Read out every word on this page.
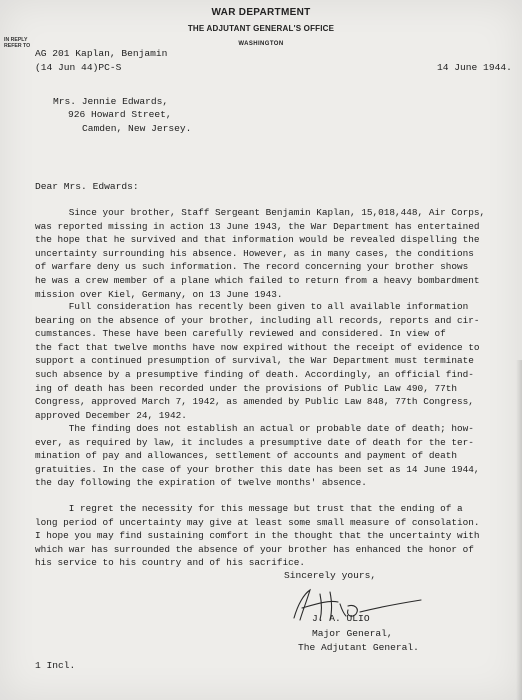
WAR DEPARTMENT
THE ADJUTANT GENERAL'S OFFICE
WASHINGTON
IN REPLY
REFER TO
AG 201 Kaplan, Benjamin
(14 Jun 44)PC-S	14 June 1944.
Mrs. Jennie Edwards,
926 Howard Street,
Camden, New Jersey.
Dear Mrs. Edwards:
Since your brother, Staff Sergeant Benjamin Kaplan, 15,018,448, Air Corps,
was reported missing in action 13 June 1943, the War Department has entertained
the hope that he survived and that information would be revealed dispelling the
uncertainty surrounding his absence. However, as in many cases, the conditions
of warfare deny us such information. The record concerning your brother shows
he was a crew member of a plane which failed to return from a heavy bombardment
mission over Kiel, Germany, on 13 June 1943.
Full consideration has recently been given to all available information
bearing on the absence of your brother, including all records, reports and cir-
cumstances. These have been carefully reviewed and considered. In view of
the fact that twelve months have now expired without the receipt of evidence to
support a continued presumption of survival, the War Department must terminate
such absence by a presumptive finding of death. Accordingly, an official find-
ing of death has been recorded under the provisions of Public Law 490, 77th
Congress, approved March 7, 1942, as amended by Public Law 848, 77th Congress,
approved December 24, 1942.
The finding does not establish an actual or probable date of death; how-
ever, as required by law, it includes a presumptive date of death for the ter-
mination of pay and allowances, settlement of accounts and payment of death
gratuities. In the case of your brother this date has been set as 14 June 1944,
the day following the expiration of twelve months' absence.
I regret the necessity for this message but trust that the ending of a
long period of uncertainty may give at least some small measure of consolation.
I hope you may find sustaining comfort in the thought that the uncertainty with
which war has surrounded the absence of your brother has enhanced the honor of
his service to his country and of his sacrifice.
Sincerely yours,
J. A. ULIO
Major General,
The Adjutant General.
1 Incl.
